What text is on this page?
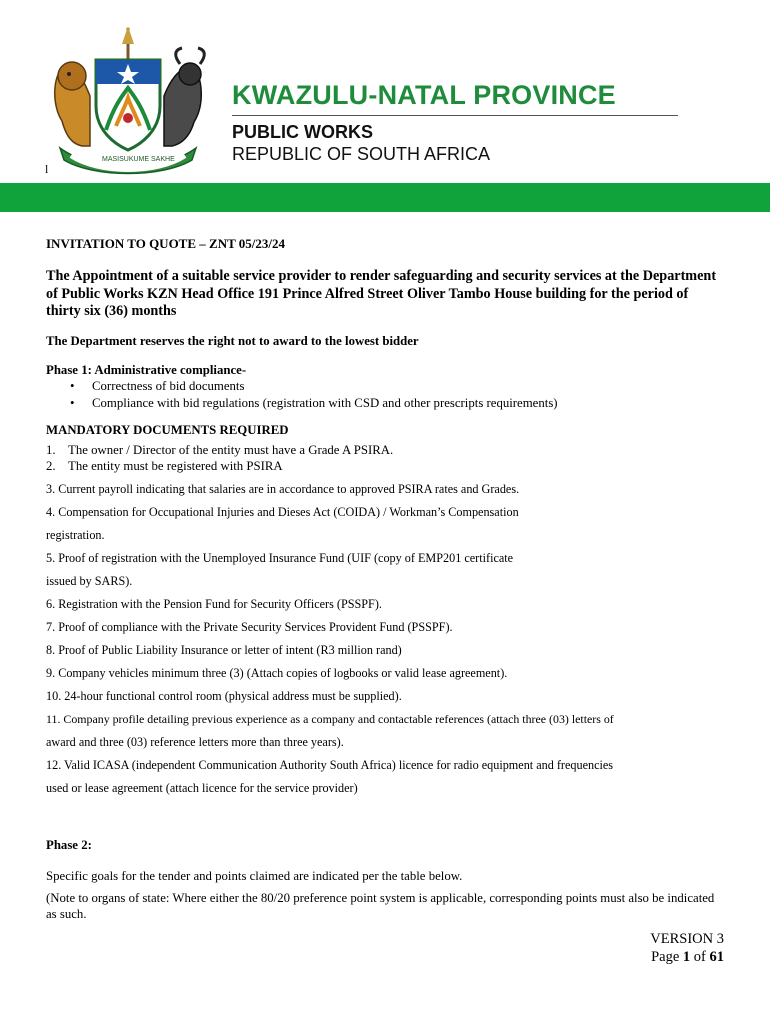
MASISUKUME SAKHE
KWAZULU-NATAL PROVINCE
PUBLIC WORKS
REPUBLIC OF SOUTH AFRICA
l
INVITATION TO QUOTE – ZNT 05/23/24
The Appointment of a suitable service provider to render safeguarding and security services at the Department of Public Works KZN Head Office 191 Prince Alfred Street Oliver Tambo House building for the period of thirty six (36) months
The Department reserves the right not to award to the lowest bidder
Phase 1: Administrative compliance-
• Correctness of bid documents
• Compliance with bid regulations (registration with CSD and other prescripts requirements)
MANDATORY DOCUMENTS REQUIRED
1. The owner / Director of the entity must have a Grade A PSIRA.
2. The entity must be registered with PSIRA
3. Current payroll indicating that salaries are in accordance to approved PSIRA rates and Grades.
4. Compensation for Occupational Injuries and Dieses Act (COIDA) / Workman’s Compensation
registration.
5. Proof of registration with the Unemployed Insurance Fund (UIF (copy of EMP201 certificate
issued by SARS).
6. Registration with the Pension Fund for Security Officers (PSSPF).
7. Proof of compliance with the Private Security Services Provident Fund (PSSPF).
8. Proof of Public Liability Insurance or letter of intent (R3 million rand)
9. Company vehicles minimum three (3) (Attach copies of logbooks or valid lease agreement).
10. 24-hour functional control room (physical address must be supplied).
11. Company profile detailing previous experience as a company and contactable references (attach three (03) letters of
award and three (03) reference letters more than three years).
12. Valid ICASA (independent Communication Authority South Africa) licence for radio equipment and frequencies
used or lease agreement (attach licence for the service provider)
Phase 2:
Specific goals for the tender and points claimed are indicated per the table below.
(Note to organs of state: Where either the 80/20 preference point system is applicable, corresponding points must also be indicated as such.
VERSION 3
Page 1 of 61
